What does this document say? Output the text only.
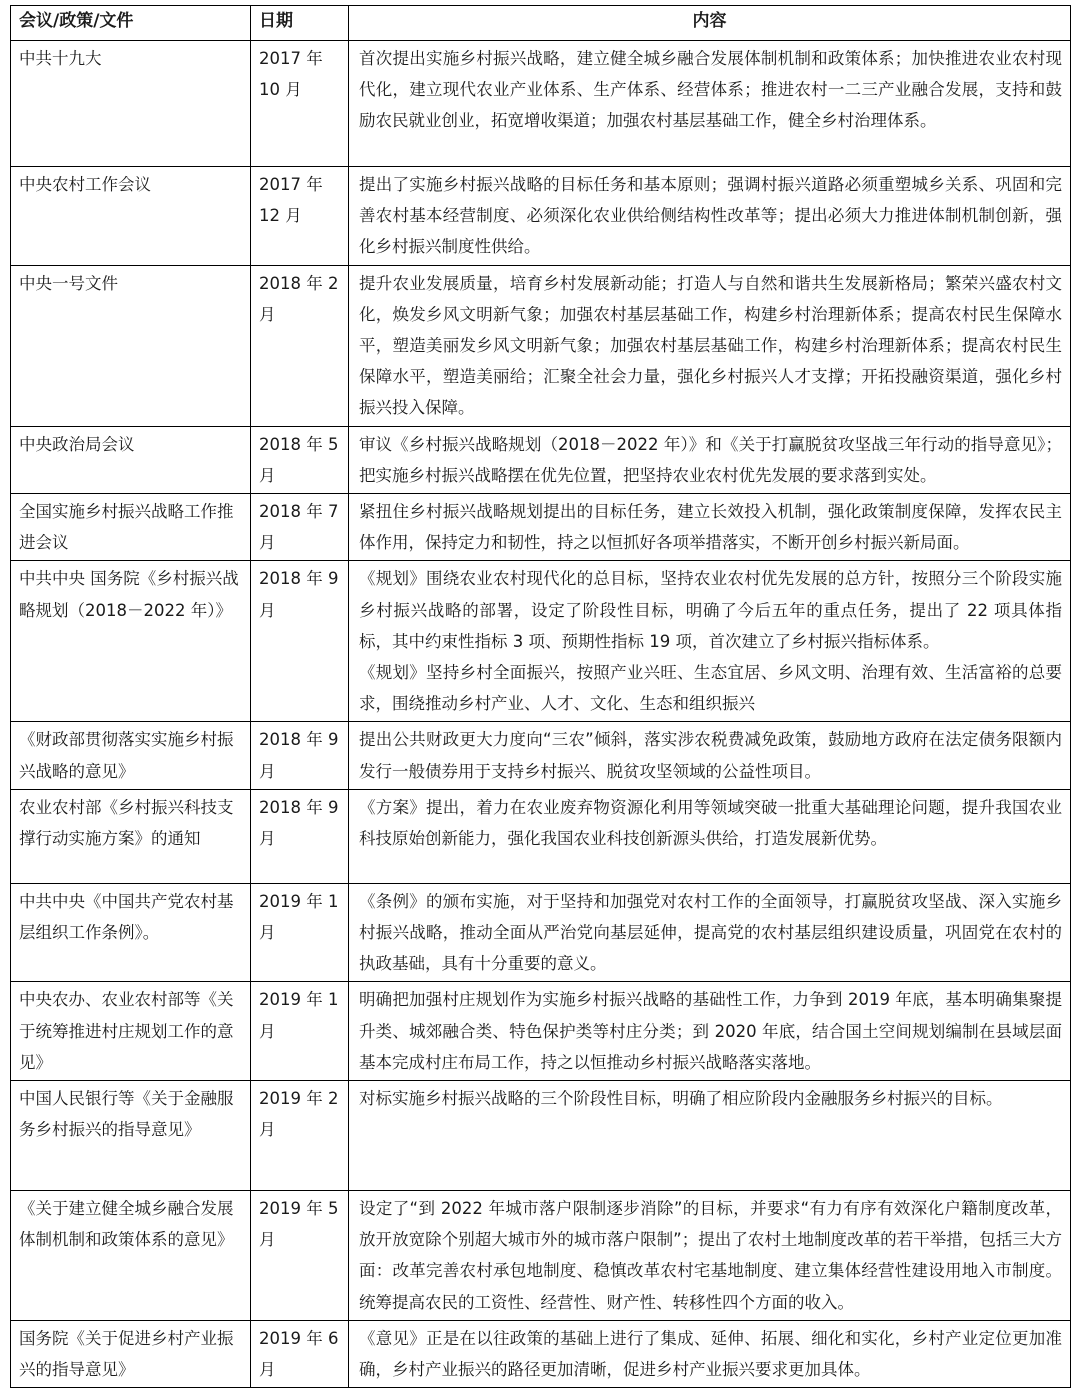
会议/政策/文件	日期	内容
中共十九大	2017 年 10 月	首次提出实施乡村振兴战略，建立健全城乡融合发展体制机制和政策体系；加快推进农业农村现代化，建立现代农业产业体系、生产体系、经营体系；推进农村一二三产业融合发展，支持和鼓励农民就业创业，拓宽增收渠道；加强农村基层基础工作，健全乡村治理体系。

中央农村工作会议	2017 年 12 月	提出了实施乡村振兴战略的目标任务和基本原则；强调村振兴道路必须重塑城乡关系、巩固和完善农村基本经营制度、必须深化农业供给侧结构性改革等；提出必须大力推进体制机制创新，强化乡村振兴制度性供给。

中央一号文件	2018 年 2 月	提升农业发展质量，培育乡村发展新动能；打造人与自然和谐共生发展新格局；繁荣兴盛农村文化，焕发乡风文明新气象；加强农村基层基础工作，构建乡村治理新体系；提高农村民生保障水平，塑造美丽发乡风文明新气象；加强农村基层基础工作，构建乡村治理新体系；提高农村民生保障水平，塑造美丽给；汇聚全社会力量，强化乡村振兴人才支撑；开拓投融资渠道，强化乡村振兴投入保障。

中央政治局会议	2018 年 5 月	审议《乡村振兴战略规划（2018－2022 年）》和《关于打赢脱贫攻坚战三年行动的指导意见》；把实施乡村振兴战略摆在优先位置，把坚持农业农村优先发展的要求落到实处。

全国实施乡村振兴战略工作推进会议	2018 年 7 月	紧扭住乡村振兴战略规划提出的目标任务，建立长效投入机制，强化政策制度保障，发挥农民主体作用，保持定力和韧性，持之以恒抓好各项举措落实，不断开创乡村振兴新局面。

中共中央 国务院《乡村振兴战略规划（2018－2022 年）》	2018 年 9 月	《规划》围绕农业农村现代化的总目标，坚持农业农村优先发展的总方针，按照分三个阶段实施乡村振兴战略的部署，设定了阶段性目标，明确了今后五年的重点任务，提出了 22 项具体指标，其中约束性指标 3 项、预期性指标 19 项，首次建立了乡村振兴指标体系。
《规划》坚持乡村全面振兴，按照产业兴旺、生态宜居、乡风文明、治理有效、生活富裕的总要求，围绕推动乡村产业、人才、文化、生态和组织振兴

《财政部贯彻落实实施乡村振兴战略的意见》	2018 年 9 月	提出公共财政更大力度向“三农”倾斜，落实涉农税费减免政策，鼓励地方政府在法定债务限额内发行一般债券用于支持乡村振兴、脱贫攻坚领域的公益性项目。

农业农村部《乡村振兴科技支撑行动实施方案》的通知	2018 年 9 月	《方案》提出，着力在农业废弃物资源化利用等领域突破一批重大基础理论问题，提升我国农业科技原始创新能力，强化我国农业科技创新源头供给，打造发展新优势。

中共中央《中国共产党农村基层组织工作条例》。	2019 年 1 月	《条例》的颁布实施，对于坚持和加强党对农村工作的全面领导，打赢脱贫攻坚战、深入实施乡村振兴战略，推动全面从严治党向基层延伸，提高党的农村基层组织建设质量，巩固党在农村的执政基础，具有十分重要的意义。

中央农办、农业农村部等《关于统筹推进村庄规划工作的意见》	2019 年 1 月	明确把加强村庄规划作为实施乡村振兴战略的基础性工作，力争到 2019 年底，基本明确集聚提升类、城郊融合类、特色保护类等村庄分类；到 2020 年底，结合国土空间规划编制在县域层面基本完成村庄布局工作，持之以恒推动乡村振兴战略落实落地。

中国人民银行等《关于金融服务乡村振兴的指导意见》	2019 年 2 月	对标实施乡村振兴战略的三个阶段性目标，明确了相应阶段内金融服务乡村振兴的目标。

《关于建立健全城乡融合发展体制机制和政策体系的意见》	2019 年 5 月	设定了“到 2022 年城市落户限制逐步消除”的目标，并要求“有力有序有效深化户籍制度改革，放开放宽除个别超大城市外的城市落户限制”；提出了农村土地制度改革的若干举措，包括三大方面：改革完善农村承包地制度、稳慎改革农村宅基地制度、建立集体经营性建设用地入市制度。统筹提高农民的工资性、经营性、财产性、转移性四个方面的收入。

国务院《关于促进乡村产业振兴的指导意见》	2019 年 6 月	《意见》正是在以往政策的基础上进行了集成、延伸、拓展、细化和实化，乡村产业定位更加准确，乡村产业振兴的路径更加清晰，促进乡村产业振兴要求更加具体。
